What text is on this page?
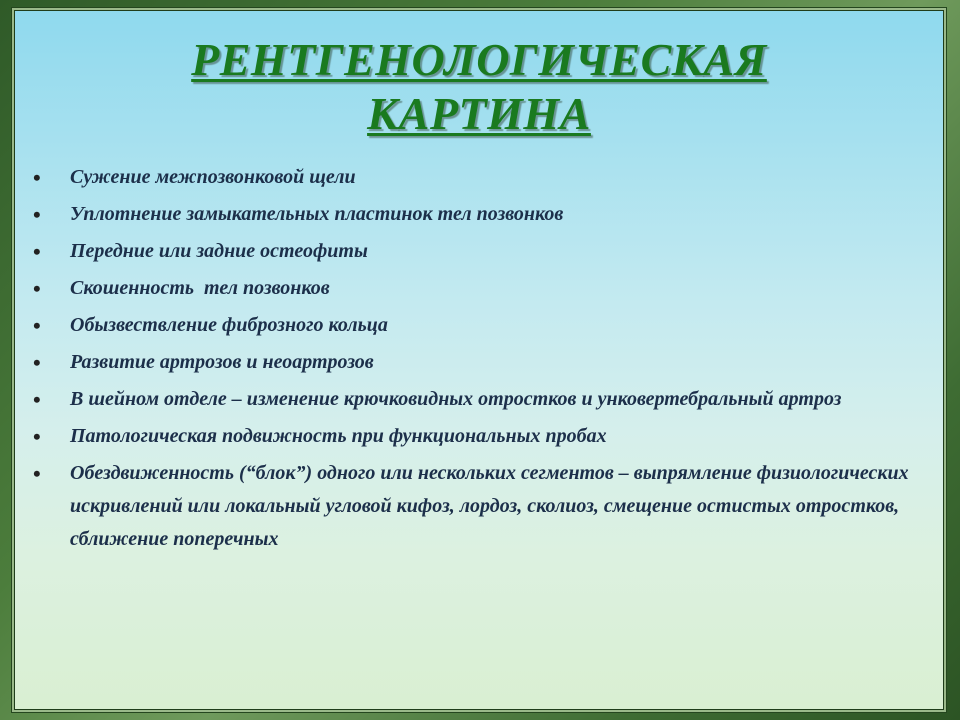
РЕНТГЕНОЛОГИЧЕСКАЯ
КАРТИНА
• Сужение межпозвонковой щели
• Уплотнение замыкательных пластинок тел позвонков
• Передние или задние остеофиты
• Скошенность  тел позвонков
• Обызвествление фиброзного кольца
• Развитие артрозов и неоартрозов
• В шейном отделе – изменение крючковидных отростков и унковертебральный артроз
• Патологическая подвижность при функциональных пробах
• Обездвиженность (“блок”) одного или нескольких сегментов – выпрямление физиологических искривлений или локальный угловой кифоз, лордоз, сколиоз, смещение остистых отростков, сближение поперечных
